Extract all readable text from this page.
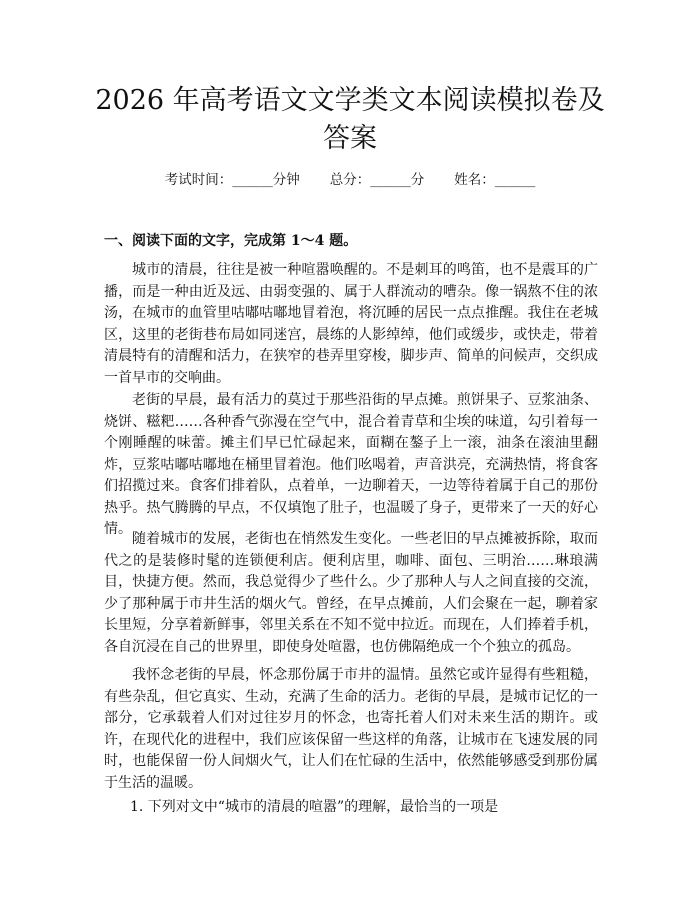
2026 年高考语文文学类文本阅读模拟卷及答案
考试时间：______分钟 总分：______分 姓名：______

一、阅读下面的文字，完成第 1～4 题。

城市的清晨，往往是被一种喧嚣唤醒的。不是刺耳的鸣笛，也不是震耳的广播，而是一种由近及远、由弱变强的、属于人群流动的嘈杂。像一锅熬不住的浓汤，在城市的血管里咕嘟咕嘟地冒着泡，将沉睡的居民一点点推醒。我住在老城区，这里的老街巷布局如同迷宫，晨练的人影绰绰，他们或缓步，或快走，带着清晨特有的清醒和活力，在狭窄的巷弄里穿梭，脚步声、简单的问候声，交织成一首早市的交响曲。

老街的早晨，最有活力的莫过于那些沿街的早点摊。煎饼果子、豆浆油条、烧饼、糍粑……各种香气弥漫在空气中，混合着青草和尘埃的味道，勾引着每一个刚睡醒的味蕾。摊主们早已忙碌起来，面糊在鏊子上一滚，油条在滚油里翻炸，豆浆咕嘟咕嘟地在桶里冒着泡。他们吆喝着，声音洪亮，充满热情，将食客们招揽过来。食客们排着队，点着单，一边聊着天，一边等待着属于自己的那份热乎。热气腾腾的早点，不仅填饱了肚子，也温暖了身子，更带来了一天的好心情。

随着城市的发展，老街也在悄然发生变化。一些老旧的早点摊被拆除，取而代之的是装修时髦的连锁便利店。便利店里，咖啡、面包、三明治……琳琅满目，快捷方便。然而，我总觉得少了些什么。少了那种人与人之间直接的交流，少了那种属于市井生活的烟火气。曾经，在早点摊前，人们会聚在一起，聊着家长里短，分享着新鲜事，邻里关系在不知不觉中拉近。而现在，人们捧着手机，各自沉浸在自己的世界里，即使身处喧嚣，也仿佛隔绝成一个个独立的孤岛。

我怀念老街的早晨，怀念那份属于市井的温情。虽然它或许显得有些粗糙，有些杂乱，但它真实、生动，充满了生命的活力。老街的早晨，是城市记忆的一部分，它承载着人们对过往岁月的怀念，也寄托着人们对未来生活的期许。或许，在现代化的进程中，我们应该保留一些这样的角落，让城市在飞速发展的同时，也能保留一份人间烟火气，让人们在忙碌的生活中，依然能够感受到那份属于生活的温暖。

1. 下列对文中“城市的清晨的喧嚣”的理解，最恰当的一项是
